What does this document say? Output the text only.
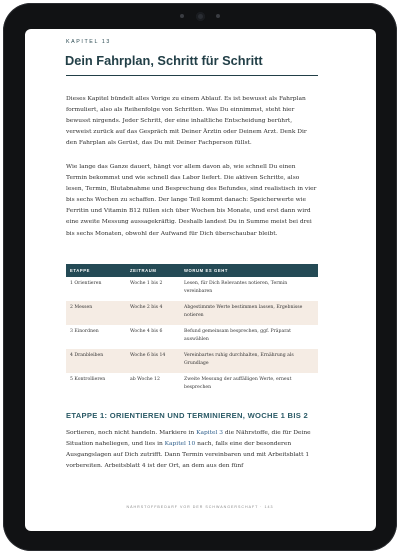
KAPITEL 13
Dein Fahrplan, Schritt für Schritt
Dieses Kapitel bündelt alles Vorige zu einem Ablauf. Es ist bewusst als Fahrplan formuliert, also als Reihenfolge von Schritten. Was Du einnimmst, steht hier bewusst nirgends. Jeder Schritt, der eine inhaltliche Entscheidung berührt, verweist zurück auf das Gespräch mit Deiner Ärztin oder Deinem Arzt. Denk Dir den Fahrplan als Gerüst, das Du mit Deiner Fachperson füllst.
Wie lange das Ganze dauert, hängt vor allem davon ab, wie schnell Du einen Termin bekommst und wie schnell das Labor liefert. Die aktiven Schritte, also lesen, Termin, Blutabnahme und Besprechung des Befundes, sind realistisch in vier bis sechs Wochen zu schaffen. Der lange Teil kommt danach: Speicherwerte wie Ferritin und Vitamin B12 füllen sich über Wochen bis Monate, und erst dann wird eine zweite Messung aussagekräftig. Deshalb landest Du in Summe meist bei drei bis sechs Monaten, obwohl der Aufwand für Dich überschaubar bleibt.
ETAPPE	ZEITRAUM	WORUM ES GEHT
1 Orientieren	Woche 1 bis 2	Lesen, für Dich Relevantes notieren, Termin vereinbaren
2 Messen	Woche 2 bis 4	Abgestimmte Werte bestimmen lassen, Ergebnisse notieren
3 Einordnen	Woche 4 bis 6	Befund gemeinsam besprechen, ggf. Präparat auswählen
4 Dranbleiben	Woche 6 bis 14	Vereinbartes ruhig durchhalten, Ernährung als Grundlage
5 Kontrollieren	ab Woche 12	Zweite Messung der auffälligen Werte, erneut besprechen
ETAPPE 1: ORIENTIEREN UND TERMINIEREN, WOCHE 1 BIS 2
Sortieren, noch nicht handeln. Markiere in Kapitel 3 die Nährstoffe, die für Deine Situation naheliegen, und lies in Kapitel 10 nach, falls eine der besonderen Ausgangslagen auf Dich zutrifft. Dann Termin vereinbaren und mit Arbeitsblatt 1 vorbereiten. Arbeitsblatt 4 ist der Ort, an dem aus den fünf
NÄHRSTOFFBEDARF VOR DER SCHWANGERSCHAFT · 143
